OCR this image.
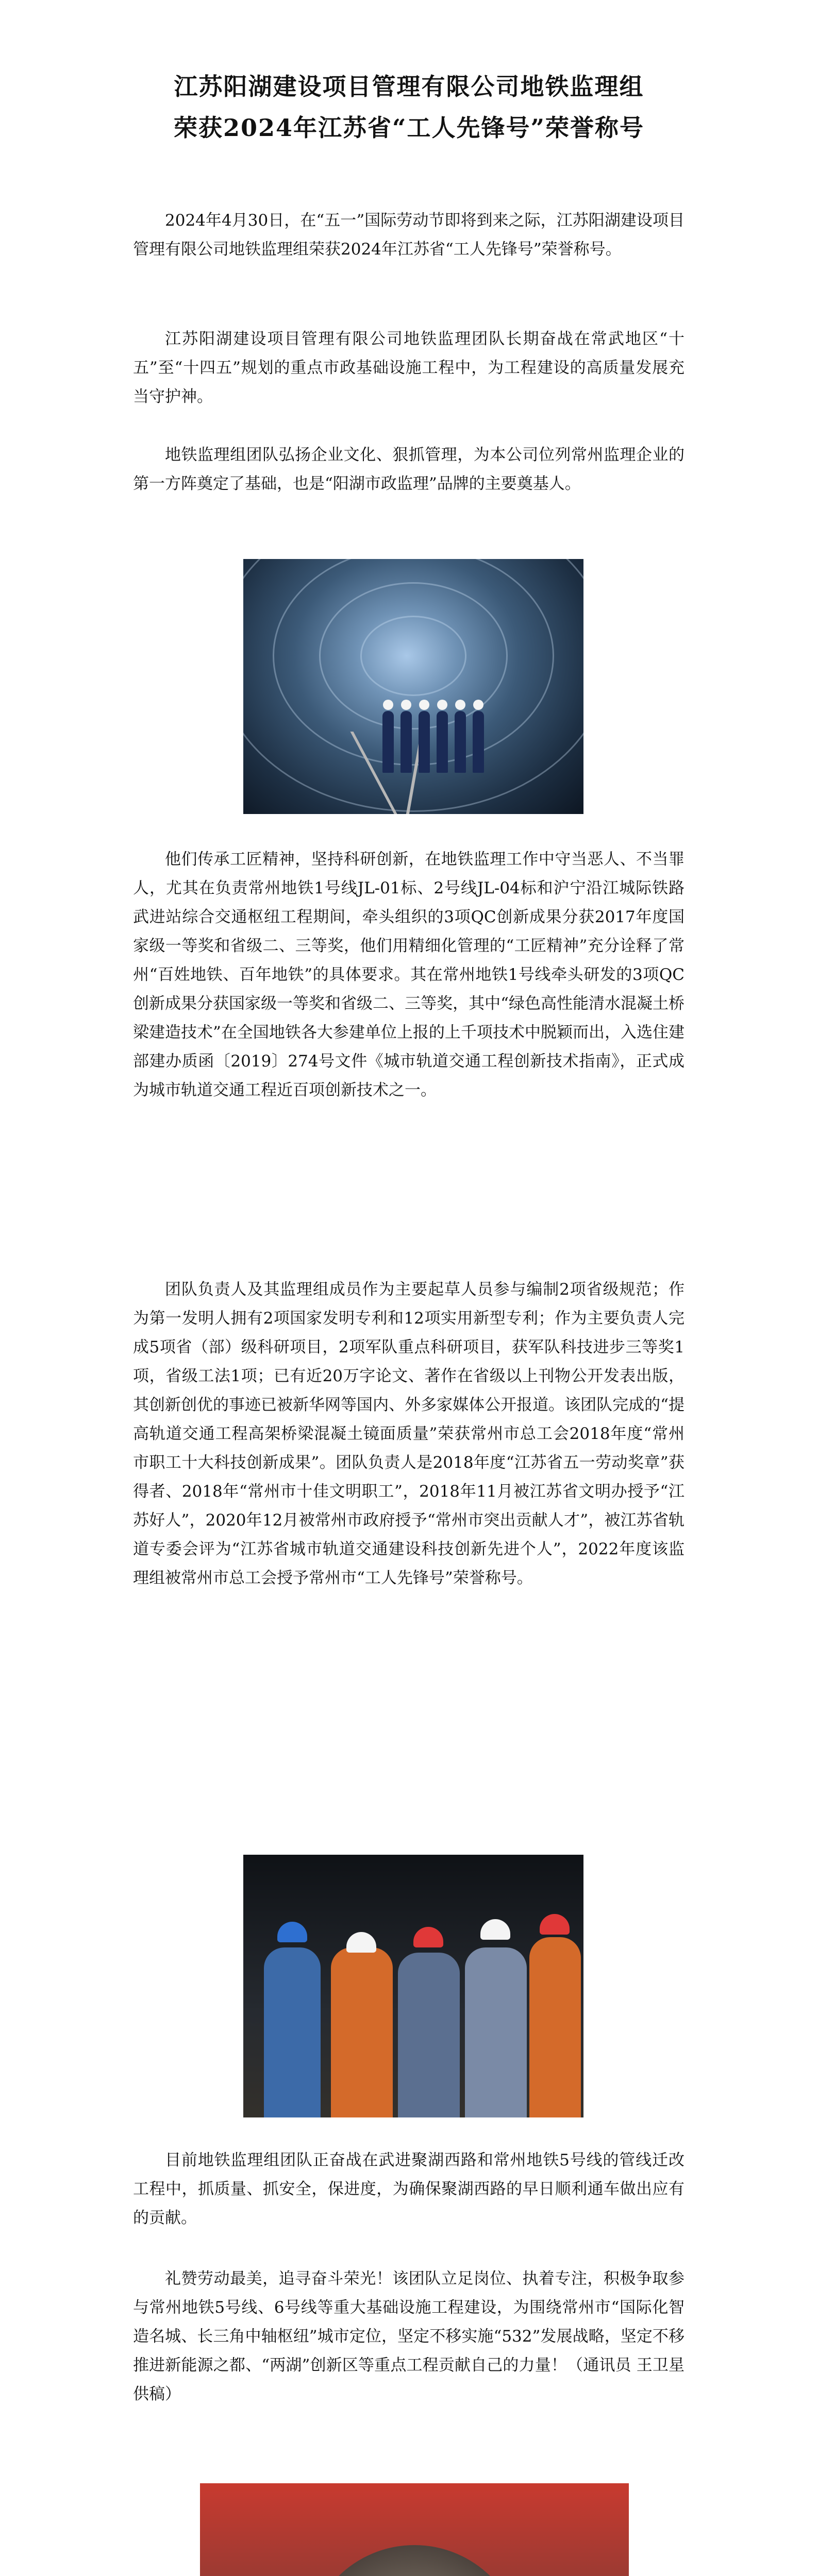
江苏阳湖建设项目管理有限公司地铁监理组
荣获2024年江苏省“工人先锋号”荣誉称号

2024年4月30日，在“五一”国际劳动节即将到来之际，江苏阳湖建设项目管理有限公司地铁监理组荣获2024年江苏省“工人先锋号”荣誉称号。

江苏阳湖建设项目管理有限公司地铁监理团队长期奋战在常武地区“十五”至“十四五”规划的重点市政基础设施工程中，为工程建设的高质量发展充当守护神。

地铁监理组团队弘扬企业文化、狠抓管理，为本公司位列常州监理企业的第一方阵奠定了基础，也是“阳湖市政监理”品牌的主要奠基人。

他们传承工匠精神，坚持科研创新，在地铁监理工作中守当恶人、不当罪人，尤其在负责常州地铁1号线JL-01标、2号线JL-04标和沪宁沿江城际铁路武进站综合交通枢纽工程期间，牵头组织的3项QC创新成果分获2017年度国家级一等奖和省级二、三等奖，他们用精细化管理的“工匠精神”充分诠释了常州“百姓地铁、百年地铁”的具体要求。其在常州地铁1号线牵头研发的3项QC创新成果分获国家级一等奖和省级二、三等奖，其中“绿色高性能清水混凝土桥梁建造技术”在全国地铁各大参建单位上报的上千项技术中脱颖而出，入选住建部建办质函〔2019〕274号文件《城市轨道交通工程创新技术指南》，正式成为城市轨道交通工程近百项创新技术之一。

团队负责人及其监理组成员作为主要起草人员参与编制2项省级规范；作为第一发明人拥有2项国家发明专利和12项实用新型专利；作为主要负责人完成5项省（部）级科研项目，2项军队重点科研项目，获军队科技进步三等奖1项，省级工法1项；已有近20万字论文、著作在省级以上刊物公开发表出版，其创新创优的事迹已被新华网等国内、外多家媒体公开报道。该团队完成的“提高轨道交通工程高架桥梁混凝土镜面质量”荣获常州市总工会2018年度“常州市职工十大科技创新成果”。团队负责人是2018年度“江苏省五一劳动奖章”获得者、2018年“常州市十佳文明职工”，2018年11月被江苏省文明办授予“江苏好人”，2020年12月被常州市政府授予“常州市突出贡献人才”，被江苏省轨道专委会评为“江苏省城市轨道交通建设科技创新先进个人”，2022年度该监理组被常州市总工会授予常州市“工人先锋号”荣誉称号。

目前地铁监理组团队正奋战在武进聚湖西路和常州地铁5号线的管线迁改工程中，抓质量、抓安全，保进度，为确保聚湖西路的早日顺利通车做出应有的贡献。

礼赞劳动最美，追寻奋斗荣光！该团队立足岗位、执着专注，积极争取参与常州地铁5号线、6号线等重大基础设施工程建设，为围绕常州市“国际化智造名城、长三角中轴枢纽”城市定位，坚定不移实施“532”发展战略，坚定不移推进新能源之都、“两湖”创新区等重点工程贡献自己的力量！（通讯员 王卫星供稿）
